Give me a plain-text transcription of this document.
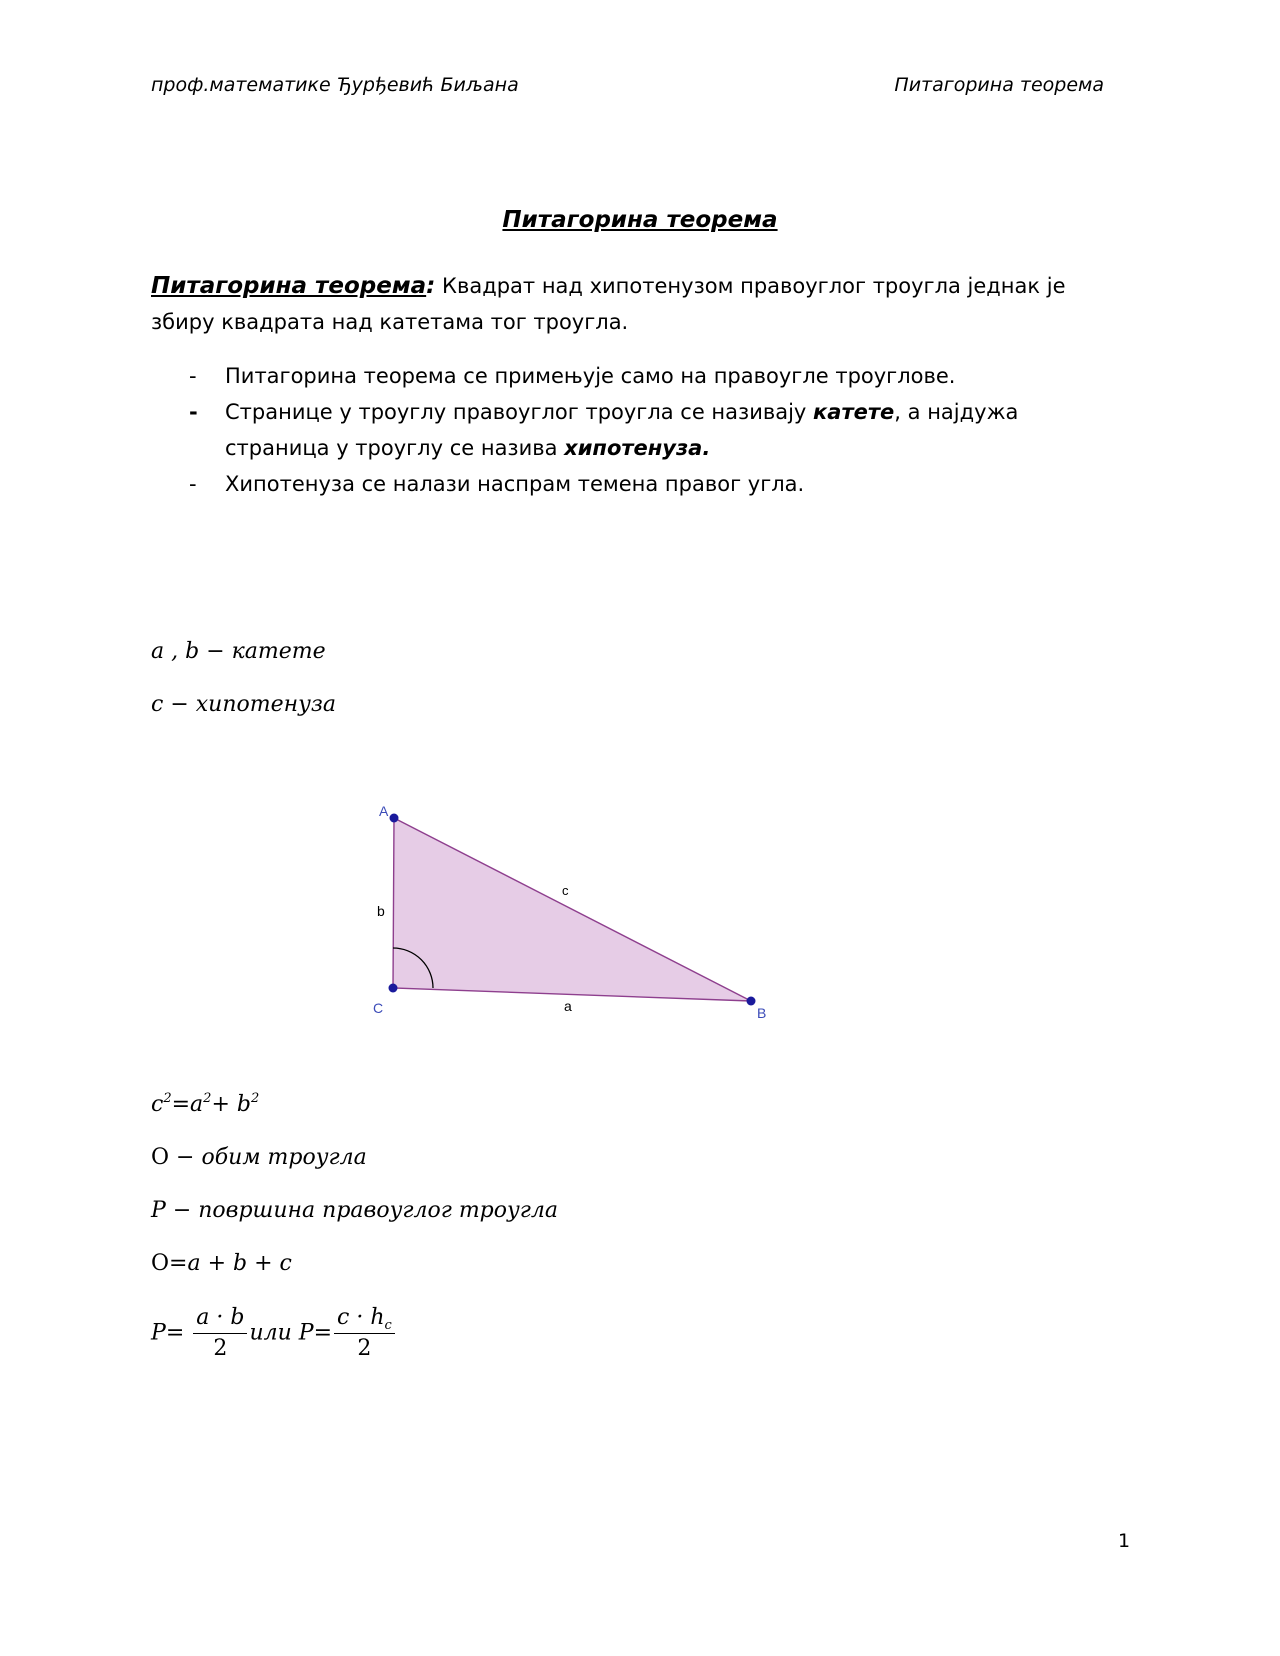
проф.математике Ђурђевић Биљана	Питагорина теорема
Питагорина теорема
Питагорина теорема: Квадрат над хипотенузом правоуглог троугла једнак је збиру квадрата над катетама тог троугла.
- Питагорина теорема се примењује само на правоугле троуглове.
- Странице у троуглу правоуглог троугла се називају катете, а најдужа страница у троуглу се назива хипотенуза.
- Хипотенуза се налази наспрам темена правог угла.
a , b − катете
c − хипотенуза
A
B
C	a
b
c
$c^2=a^2+ b^2$
O − обим троугла
P − површина правоуглог троугла
O=a + b + c
$P= \frac{a \cdot b}{2}$ или $P= \frac{c \cdot h_c}{2}$
1
